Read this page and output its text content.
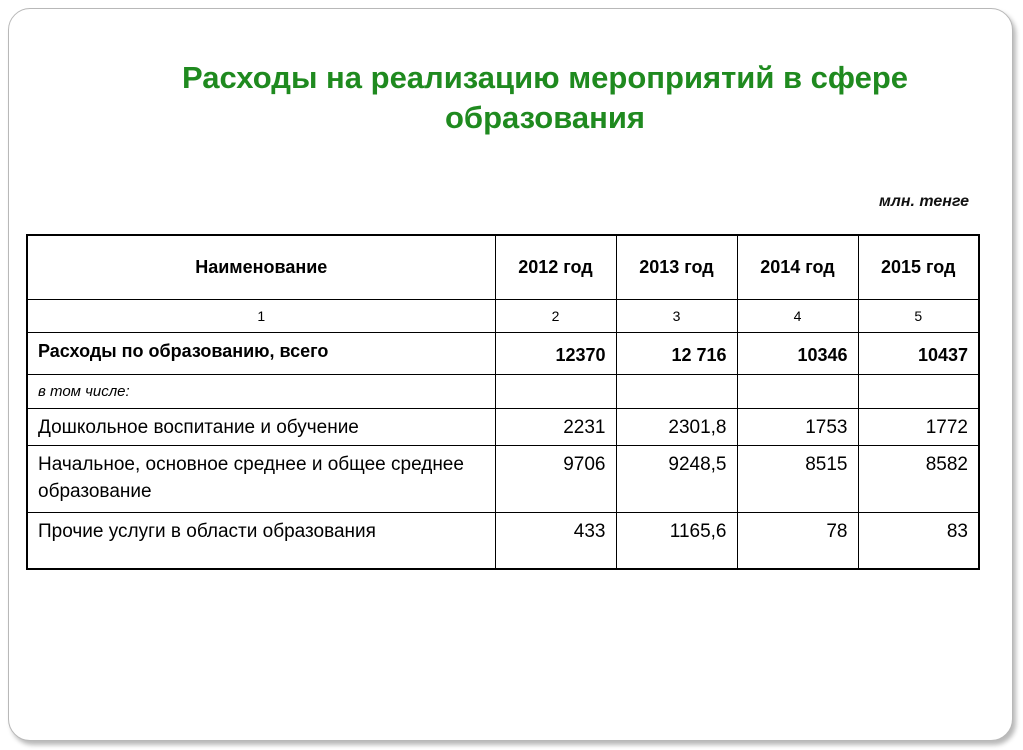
Расходы на реализацию мероприятий в сфере образования
млн. тенге
Наименование	2012 год	2013 год	2014 год	2015 год
1	2	3	4	5
Расходы по образованию, всего	12370	12 716	10346	10437
в том числе:				
Дошкольное воспитание и обучение	2231	2301,8	1753	1772
Начальное, основное среднее и общее среднее образование	9706	9248,5	8515	8582
Прочие услуги в области образования	433	1165,6	78	83
